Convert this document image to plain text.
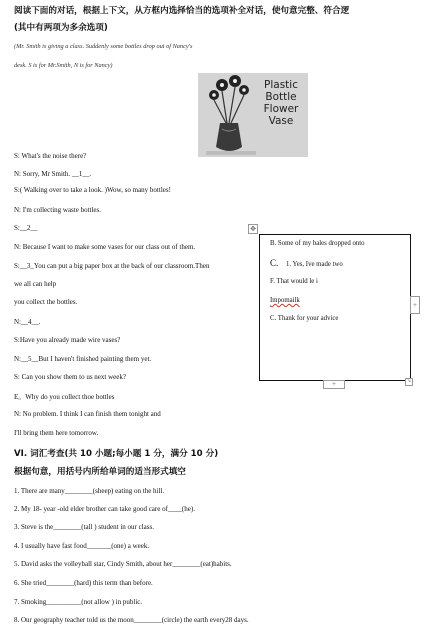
阅读下面的对话，根据上下文，从方框内选择恰当的选项补全对话，使句意完整、符合逻
(其中有两项为多余选项)
(Mr. Smith is giving a class. Suddenly some bottles drop out of Nancy's
desk. S is for Mr.Smith, N is for Nancy)
Plastic
Bottle
Flower
Vase
S: What's the noise there?
N: Sorry, Mr Smith. __1__.
S:( Walking over to take a look. )Wow, so many bottles!
N: I'm collecting waste bottles.
S:__2__	✥
N: Because I want to make some vases for our class out of them.
S:__3_You can put a big paper box at the back of our classroom.Then
we all can help
you collect the bottles.
N:__4__.
S:Have you already made wire vases?
N:__5__But I haven't finished painting them yet.
S: Can you show them to us next week?
E。Why do you collect thoe bottles
N: No problem. I think I can finish them tonight and
I'll bring them here tomorrow.
B. Some of my bales dropped onto
C. 1. Yes, Ive made two
F. That would le i
Impomailk
C. Thank for your advice
+
+	↘
VI. 词汇考查(共 10 小题;每小题 1 分，满分 10 分)
根据句意，用括号内所给单词的适当形式填空
1. There are many________(sheep) eating on the hill.
2. My 18- year -old elder brother can take good care of____(he).
3. Steve is the________(tall ) student in our class.
4. I usually have fast food_______(one) a week.
5. David asks the volleyball star, Cindy Smith, about her________(eat)habits.
6. She tried________(hard) this term than before.
7. Smoking__________(not allow ) in public.
8. Our geography teacher told us the moon________(circle) the earth every28 days.
